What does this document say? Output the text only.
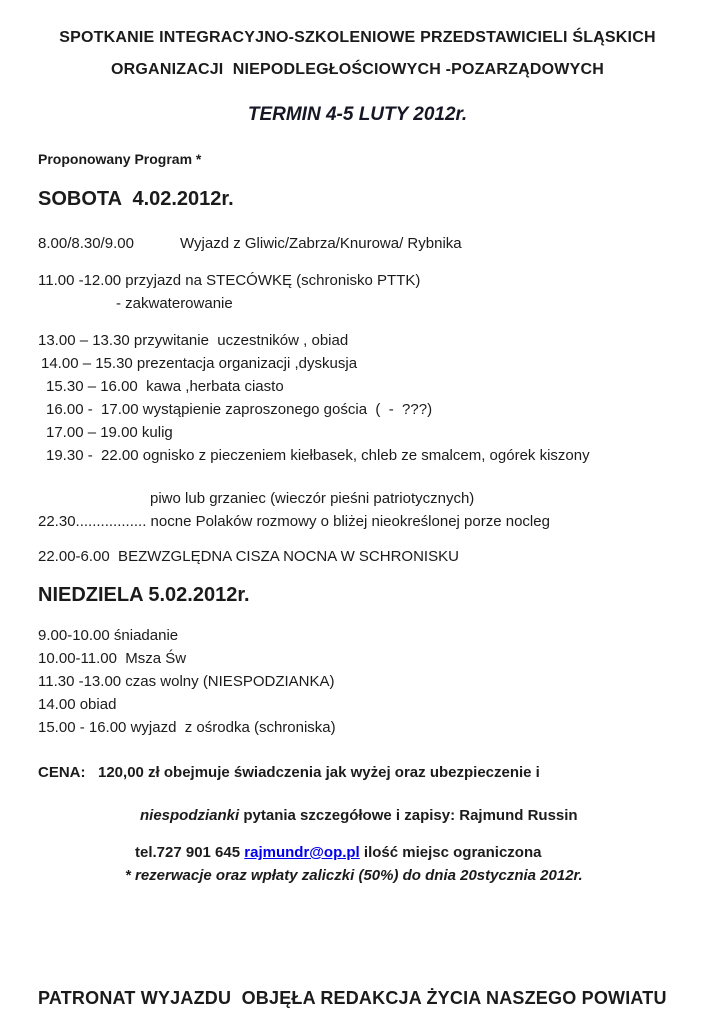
SPOTKANIE INTEGRACYJNO-SZKOLENIOWE PRZEDSTAWICIELI ŚLĄSKICH
ORGANIZACJI  NIEPODLEGŁOŚCIOWYCH -POZARZĄDOWYCH
TERMIN 4-5 LUTY 2012r.
Proponowany Program *
SOBOTA  4.02.2012r.
8.00/8.30/9.00	Wyjazd z Gliwic/Zabrza/Knurowa/ Rybnika
11.00 -12.00 przyjazd na STECÓWKĘ (schronisko PTTK)
- zakwaterowanie
13.00 – 13.30 przywitanie  uczestników , obiad
14.00 – 15.30 prezentacja organizacji ,dyskusja
15.30 – 16.00  kawa ,herbata ciasto
16.00 -  17.00 wystąpienie zaproszonego gościa  (  -  ???)
17.00 – 19.00 kulig
19.30 -  22.00 ognisko z pieczeniem kiełbasek, chleb ze smalcem, ogórek kiszony
piwo lub grzaniec (wieczór pieśni patriotycznych)
22.30................. nocne Polaków rozmowy o bliżej nieokreślonej porze nocleg
22.00-6.00  BEZWZGLĘDNA CISZA NOCNA W SCHRONISKU
NIEDZIELA 5.02.2012r.
9.00-10.00 śniadanie
10.00-11.00  Msza Św
11.30 -13.00 czas wolny (NIESPODZIANKA)
14.00 obiad
15.00 - 16.00 wyjazd  z ośrodka (schroniska)
CENA:   120,00 zł obejmuje świadczenia jak wyżej oraz ubezpieczenie i
niespodzianki pytania szczegółowe i zapisy: Rajmund Russin
tel.727 901 645 rajmundr@op.pl ilość miejsc ograniczona
* rezerwacje oraz wpłaty zaliczki (50%) do dnia 20stycznia 2012r.
PATRONAT WYJAZDU  OBJĘŁA REDAKCJA ŻYCIA NASZEGO POWIATU
